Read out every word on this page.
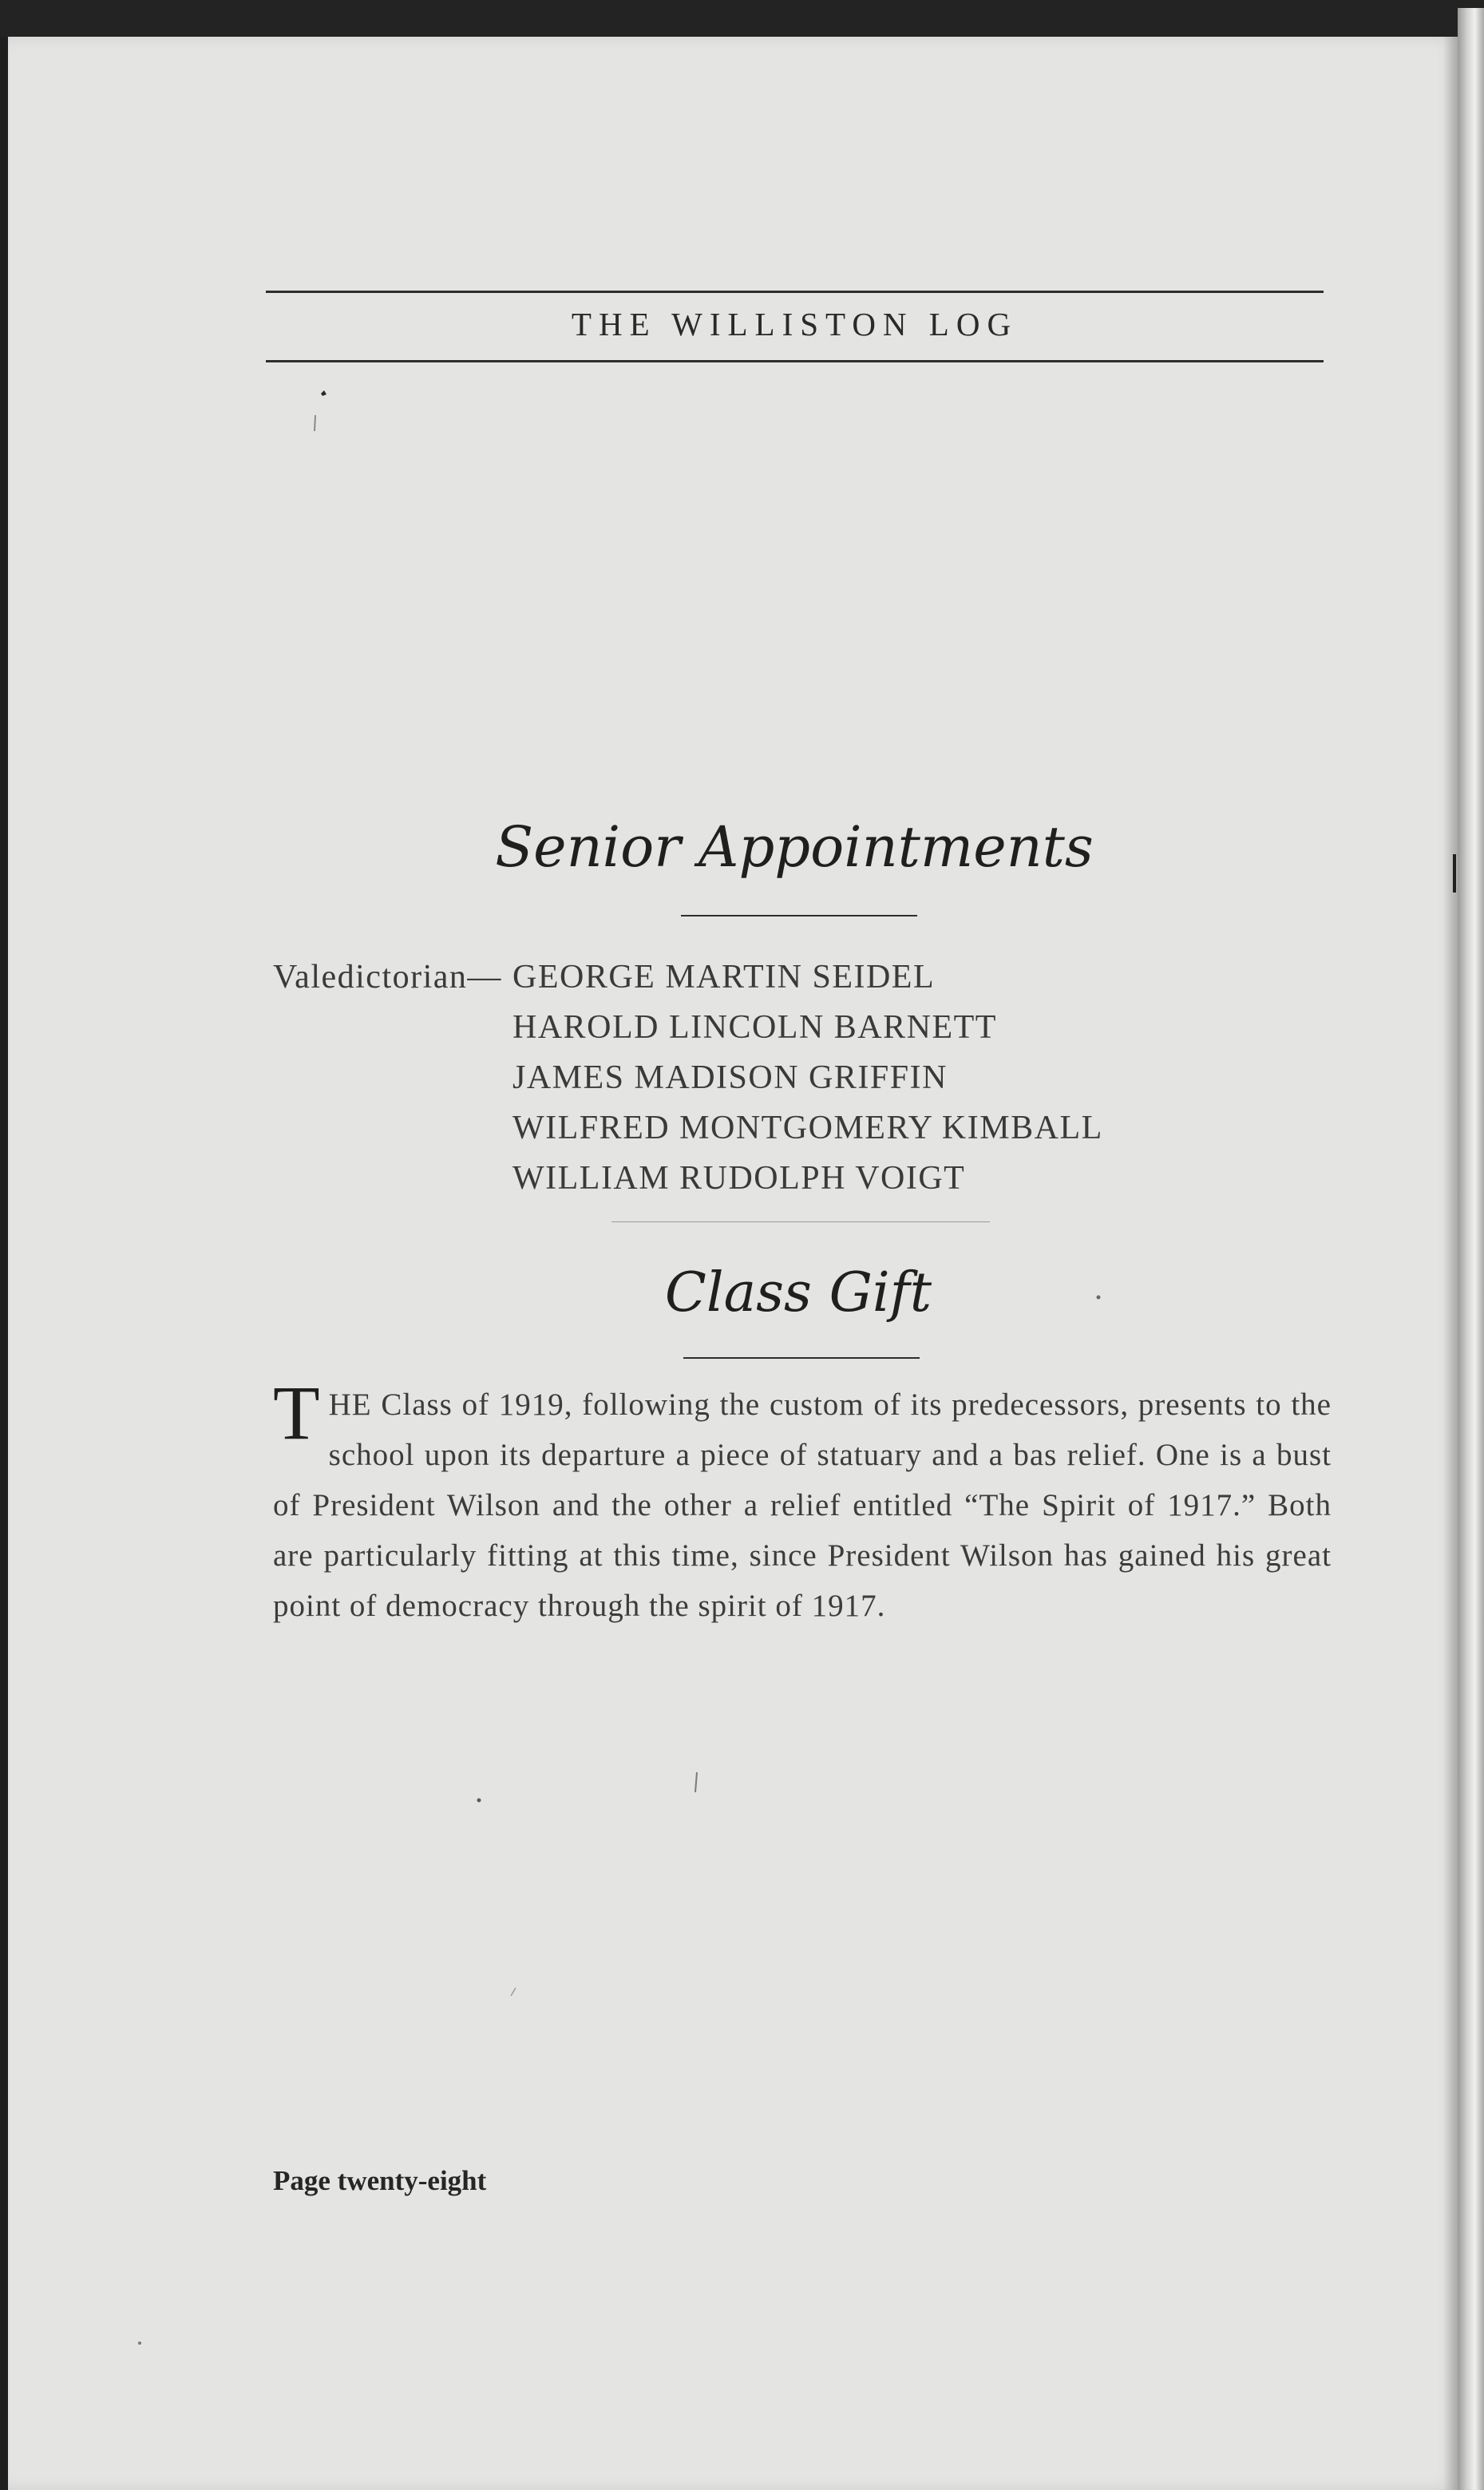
THE WILLISTON LOG
Senior Appointments
Valedictorian— GEORGE MARTIN SEIDEL
HAROLD LINCOLN BARNETT
JAMES MADISON GRIFFIN
WILFRED MONTGOMERY KIMBALL
WILLIAM RUDOLPH VOIGT
Class Gift
THE Class of 1919, following the custom of its predecessors, presents to the school upon its departure a piece of statuary and a bas relief. One is a bust of President Wilson and the other a relief entitled “The Spirit of 1917.” Both are particularly fitting at this time, since President Wilson has gained his great point of democracy through the spirit of 1917.
Page twenty-eight
